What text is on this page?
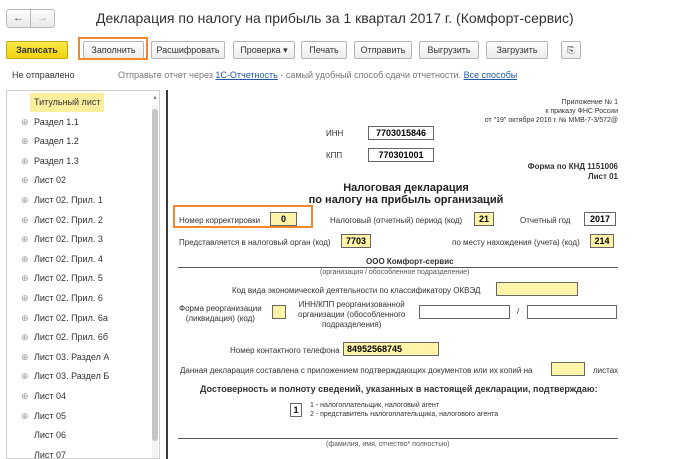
←	→	Декларация по налогу на прибыль за 1 квартал 2017 г. (Комфорт-сервис)
Записать	Заполнить	Расшифровать	Проверка ▾	Печать	Отправить	Выгрузить	Загрузить	⎘
Не отправлено	Отправьте отчет через 1С-Отчетность - самый удобный способ сдачи отчетности. Все способы
Лист 07
Лист 06
⊕ Лист 05
⊕ Лист 04
⊕ Лист 03. Раздел Б
⊕ Лист 03. Раздел А
⊕ Лист 02. Прил. 6б
⊕ Лист 02. Прил. 6а
⊕ Лист 02. Прил. 6
⊕ Лист 02. Прил. 5
⊕ Лист 02. Прил. 4
⊕ Лист 02. Прил. 3
⊕ Лист 02. Прил. 2
⊕ Лист 02. Прил. 1
⊕ Лист 02
⊕ Раздел 1.3
⊕ Раздел 1.2
⊕ Раздел 1.1
Титульный лист	▲
Приложение № 1
к приказу ФНС России
от "19" октября 2016 г. № ММВ-7-3/572@
ИНН	7703015846
КПП	770301001
Форма по КНД 1151006
Лист 01
Налоговая декларация
по налогу на прибыль организаций
Номер корректировки	0	Налоговый (отчетный) период (код)	21	Отчетный год	2017
Представляется в налоговый орган (код)	7703	по месту нахождения (учета) (код)	214
ООО Комфорт-сервис
(организация / обособленное подразделение)
Код вида экономической деятельности по классификатору ОКВЭД
Форма реорганизации
(ликвидация) (код)
ИНН/КПП реорганизованной
организации (обособленного
подразделения)
/
Номер контактного телефона 84952568745
Данная декларация составлена с приложением подтверждающих документов или их копий на	листах
Достоверность и полноту сведений, указанных в настоящей декларации, подтверждаю:
1	1 - налогоплательщик, налоговый агент
2 - представитель налогоплательщика, налогового агента
(фамилия, имя, отчество* полностью)
